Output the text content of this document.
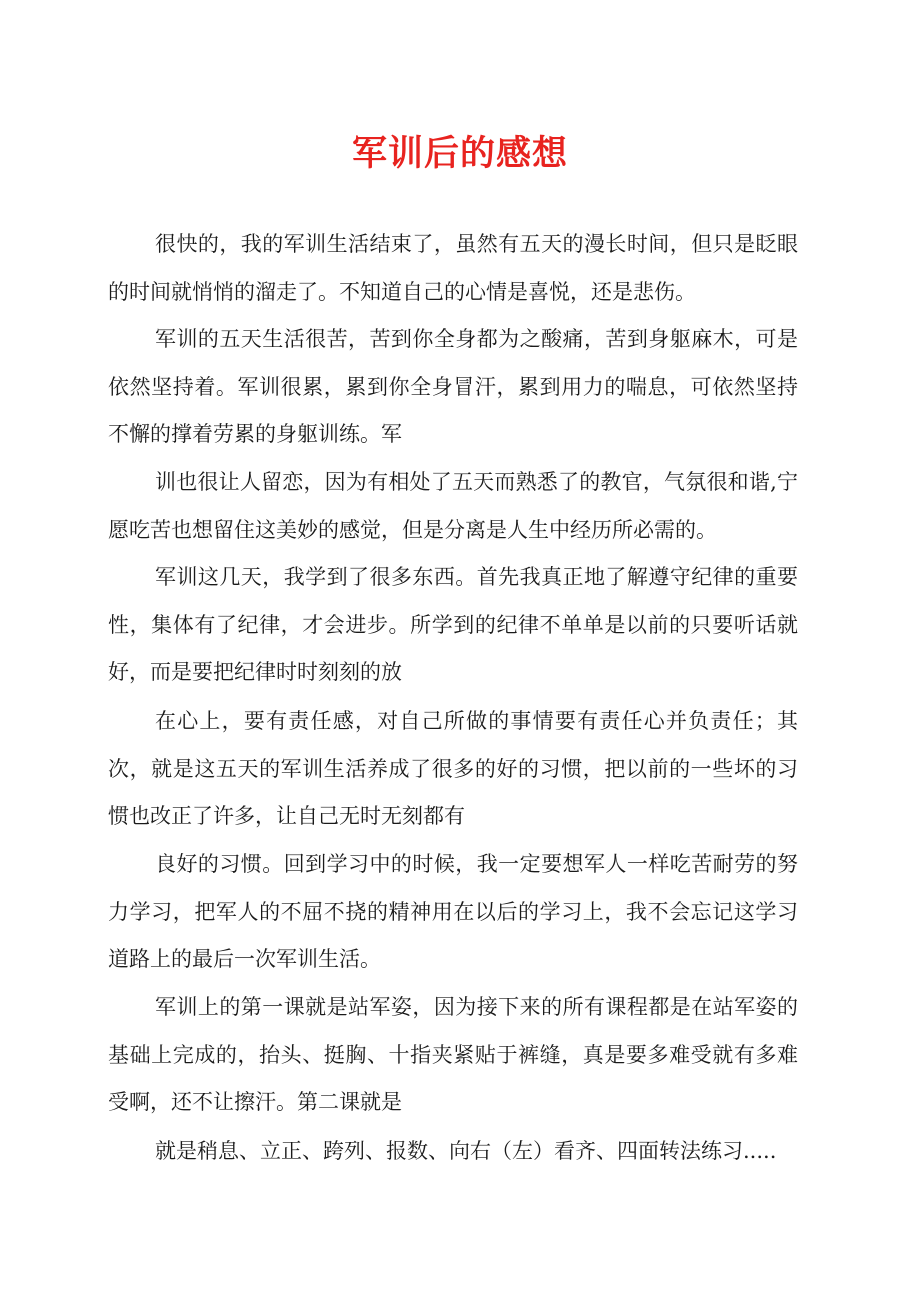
军训后的感想

很快的，我的军训生活结束了，虽然有五天的漫长时间，但只是眨眼的时间就悄悄的溜走了。不知道自己的心情是喜悦，还是悲伤。

军训的五天生活很苦，苦到你全身都为之酸痛，苦到身躯麻木，可是依然坚持着。军训很累，累到你全身冒汗，累到用力的喘息，可依然坚持不懈的撑着劳累的身躯训练。军

训也很让人留恋，因为有相处了五天而熟悉了的教官，气氛很和谐,宁愿吃苦也想留住这美妙的感觉，但是分离是人生中经历所必需的。

军训这几天，我学到了很多东西。首先我真正地了解遵守纪律的重要性，集体有了纪律，才会进步。所学到的纪律不单单是以前的只要听话就好，而是要把纪律时时刻刻的放

在心上，要有责任感，对自己所做的事情要有责任心并负责任；其次，就是这五天的军训生活养成了很多的好的习惯，把以前的一些坏的习惯也改正了许多，让自己无时无刻都有

良好的习惯。回到学习中的时候，我一定要想军人一样吃苦耐劳的努力学习，把军人的不屈不挠的精神用在以后的学习上，我不会忘记这学习道路上的最后一次军训生活。

军训上的第一课就是站军姿，因为接下来的所有课程都是在站军姿的基础上完成的，抬头、挺胸、十指夹紧贴于裤缝，真是要多难受就有多难受啊，还不让擦汗。第二课就是

就是稍息、立正、跨列、报数、向右（左）看齐、四面转法练习.....
